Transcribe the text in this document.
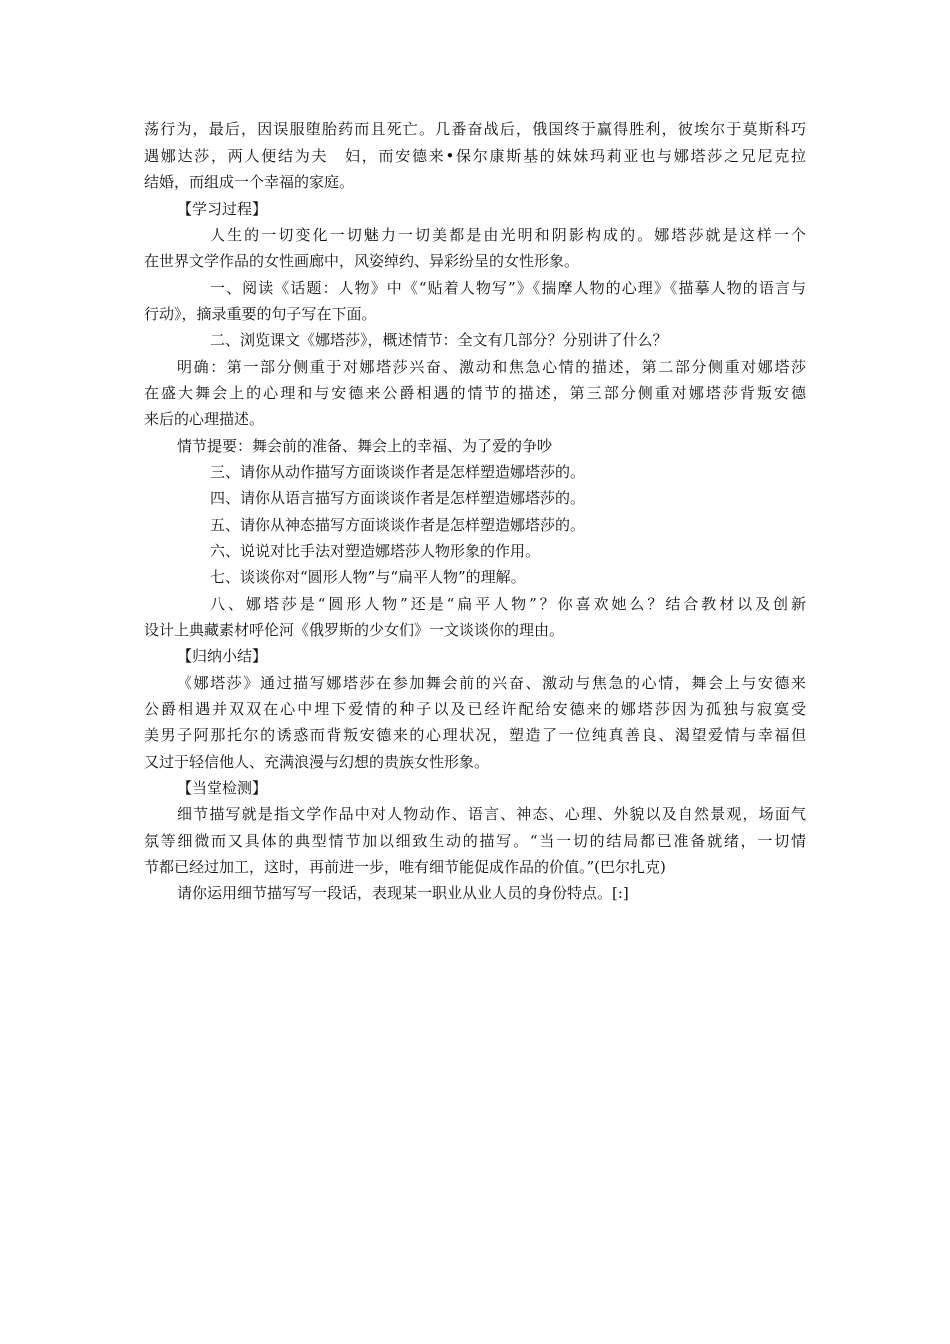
荡行为，最后，因误服堕胎药而且死亡。几番奋战后，俄国终于赢得胜利，彼埃尔于莫斯科巧
遇娜达莎，两人便结为夫　妇，而安德来•保尔康斯基的妹妹玛莉亚也与娜塔莎之兄尼克拉
结婚，而组成一个幸福的家庭。
【学习过程】
人生的一切变化一切魅力一切美都是由光明和阴影构成的。娜塔莎就是这样一个
在世界文学作品的女性画廊中，风姿绰约、异彩纷呈的女性形象。
一、阅读《话题：人物》中《“贴着人物写”》《揣摩人物的心理》《描摹人物的语言与
行动》，摘录重要的句子写在下面。
二、浏览课文《娜塔莎》，概述情节：全文有几部分？分别讲了什么？
明确：第一部分侧重于对娜塔莎兴奋、激动和焦急心情的描述，第二部分侧重对娜塔莎
在盛大舞会上的心理和与安德来公爵相遇的情节的描述，第三部分侧重对娜塔莎背叛安德
来后的心理描述。
情节提要：舞会前的准备、舞会上的幸福、为了爱的争吵
三、请你从动作描写方面谈谈作者是怎样塑造娜塔莎的。
四、请你从语言描写方面谈谈作者是怎样塑造娜塔莎的。
五、请你从神态描写方面谈谈作者是怎样塑造娜塔莎的。
六、说说对比手法对塑造娜塔莎人物形象的作用。
七、谈谈你对“圆形人物”与“扁平人物”的理解。
八、娜塔莎是“圆形人物”还是“扁平人物”？你喜欢她么？结合教材以及创新
设计上典藏素材呼伦河《俄罗斯的少女们》一文谈谈你的理由。
【归纳小结】
《娜塔莎》通过描写娜塔莎在参加舞会前的兴奋、激动与焦急的心情，舞会上与安德来
公爵相遇并双双在心中埋下爱情的种子以及已经许配给安德来的娜塔莎因为孤独与寂寞受
美男子阿那托尔的诱惑而背叛安德来的心理状况，塑造了一位纯真善良、渴望爱情与幸福但
又过于轻信他人、充满浪漫与幻想的贵族女性形象。
【当堂检测】
细节描写就是指文学作品中对人物动作、语言、神态、心理、外貌以及自然景观，场面气
氛等细微而又具体的典型情节加以细致生动的描写。“当一切的结局都已准备就绪，一切情
节都已经过加工，这时，再前进一步，唯有细节能促成作品的价值。”(巴尔扎克)
请你运用细节描写写一段话，表现某一职业从业人员的身份特点。[:]
